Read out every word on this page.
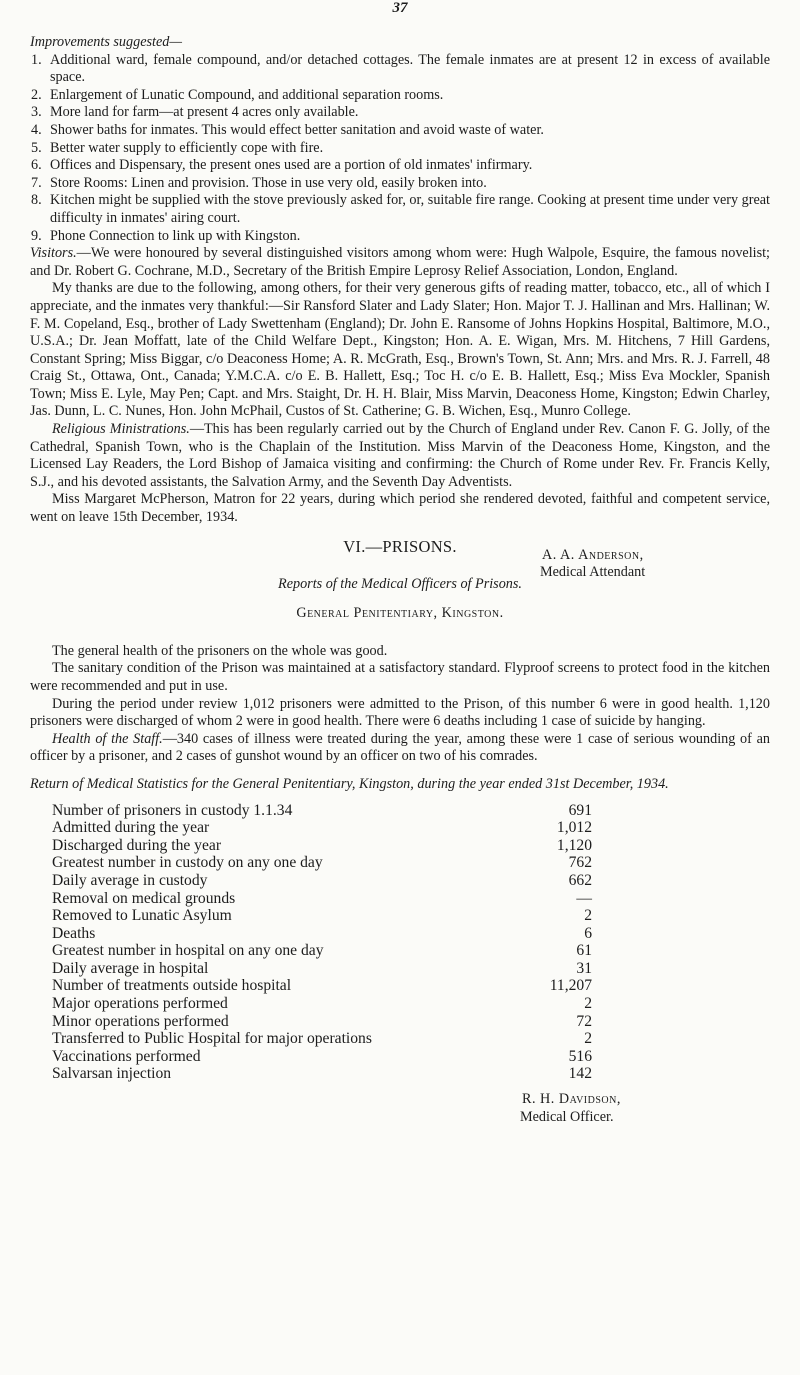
37

Improvements suggested—

1. Additional ward, female compound, and/or detached cottages. The female inmates are at present 12 in excess of available space.
2. Enlargement of Lunatic Compound, and additional separation rooms.
3. More land for farm—at present 4 acres only available.
4. Shower baths for inmates. This would effect better sanitation and avoid waste of water.
5. Better water supply to efficiently cope with fire.
6. Offices and Dispensary, the present ones used are a portion of old inmates' infirmary.
7. Store Rooms: Linen and provision. Those in use very old, easily broken into.
8. Kitchen might be supplied with the stove previously asked for, or, suitable fire range. Cooking at present time under very great difficulty in inmates' airing court.
9. Phone Connection to link up with Kingston.

Visitors.—We were honoured by several distinguished visitors among whom were: Hugh Walpole, Esquire, the famous novelist; and Dr. Robert G. Cochrane, M.D., Secretary of the British Empire Leprosy Relief Association, London, England.

My thanks are due to the following, among others, for their very generous gifts of reading matter, tobacco, etc., all of which I appreciate, and the inmates very thankful:—Sir Ransford Slater and Lady Slater; Hon. Major T. J. Hallinan and Mrs. Hallinan; W. F. M. Copeland, Esq., brother of Lady Swettenham (England); Dr. John E. Ransome of Johns Hopkins Hospital, Baltimore, M.O., U.S.A.; Dr. Jean Moffatt, late of the Child Welfare Dept., Kingston; Hon. A. E. Wigan, Mrs. M. Hitchens, 7 Hill Gardens, Constant Spring; Miss Biggar, c/o Deaconess Home; A. R. McGrath, Esq., Brown's Town, St. Ann; Mrs. and Mrs. R. J. Farrell, 48 Craig St., Ottawa, Ont., Canada; Y.M.C.A. c/o E. B. Hallett, Esq.; Toc H. c/o E. B. Hallett, Esq.; Miss Eva Mockler, Spanish Town; Miss E. Lyle, May Pen; Capt. and Mrs. Staight, Dr. H. H. Blair, Miss Marvin, Deaconess Home, Kingston; Edwin Charley, Jas. Dunn, L. C. Nunes, Hon. John McPhail, Custos of St. Catherine; G. B. Wichen, Esq., Munro College.

Religious Ministrations.—This has been regularly carried out by the Church of England under Rev. Canon F. G. Jolly, of the Cathedral, Spanish Town, who is the Chaplain of the Institution. Miss Marvin of the Deaconess Home, Kingston, and the Licensed Lay Readers, the Lord Bishop of Jamaica visiting and confirming: the Church of Rome under Rev. Fr. Francis Kelly, S.J., and his devoted assistants, the Salvation Army, and the Seventh Day Adventists.

Miss Margaret McPherson, Matron for 22 years, during which period she rendered devoted, faithful and competent service, went on leave 15th December, 1934.

A. A. Anderson,
Medical Attendant

VI.—PRISONS.

Reports of the Medical Officers of Prisons.

General Penitentiary, Kingston.

The general health of the prisoners on the whole was good.

The sanitary condition of the Prison was maintained at a satisfactory standard. Flyproof screens to protect food in the kitchen were recommended and put in use.

During the period under review 1,012 prisoners were admitted to the Prison, of this number 6 were in good health. 1,120 prisoners were discharged of whom 2 were in good health. There were 6 deaths including 1 case of suicide by hanging.

Health of the Staff.—340 cases of illness were treated during the year, among these were 1 case of serious wounding of an officer by a prisoner, and 2 cases of gunshot wound by an officer on two of his comrades.

Return of Medical Statistics for the General Penitentiary, Kingston, during the year ended 31st December, 1934.

Number of prisoners in custody 1.1.34	691
Admitted during the year	1,012
Discharged during the year	1,120
Greatest number in custody on any one day	762
Daily average in custody	662
Removal on medical grounds	—
Removed to Lunatic Asylum	2
Deaths	6
Greatest number in hospital on any one day	61
Daily average in hospital	31
Number of treatments outside hospital	11,207
Major operations performed	2
Minor operations performed	72
Transferred to Public Hospital for major operations	2
Vaccinations performed	516
Salvarsan injection	142
R. H. Davidson,
Medical Officer.
